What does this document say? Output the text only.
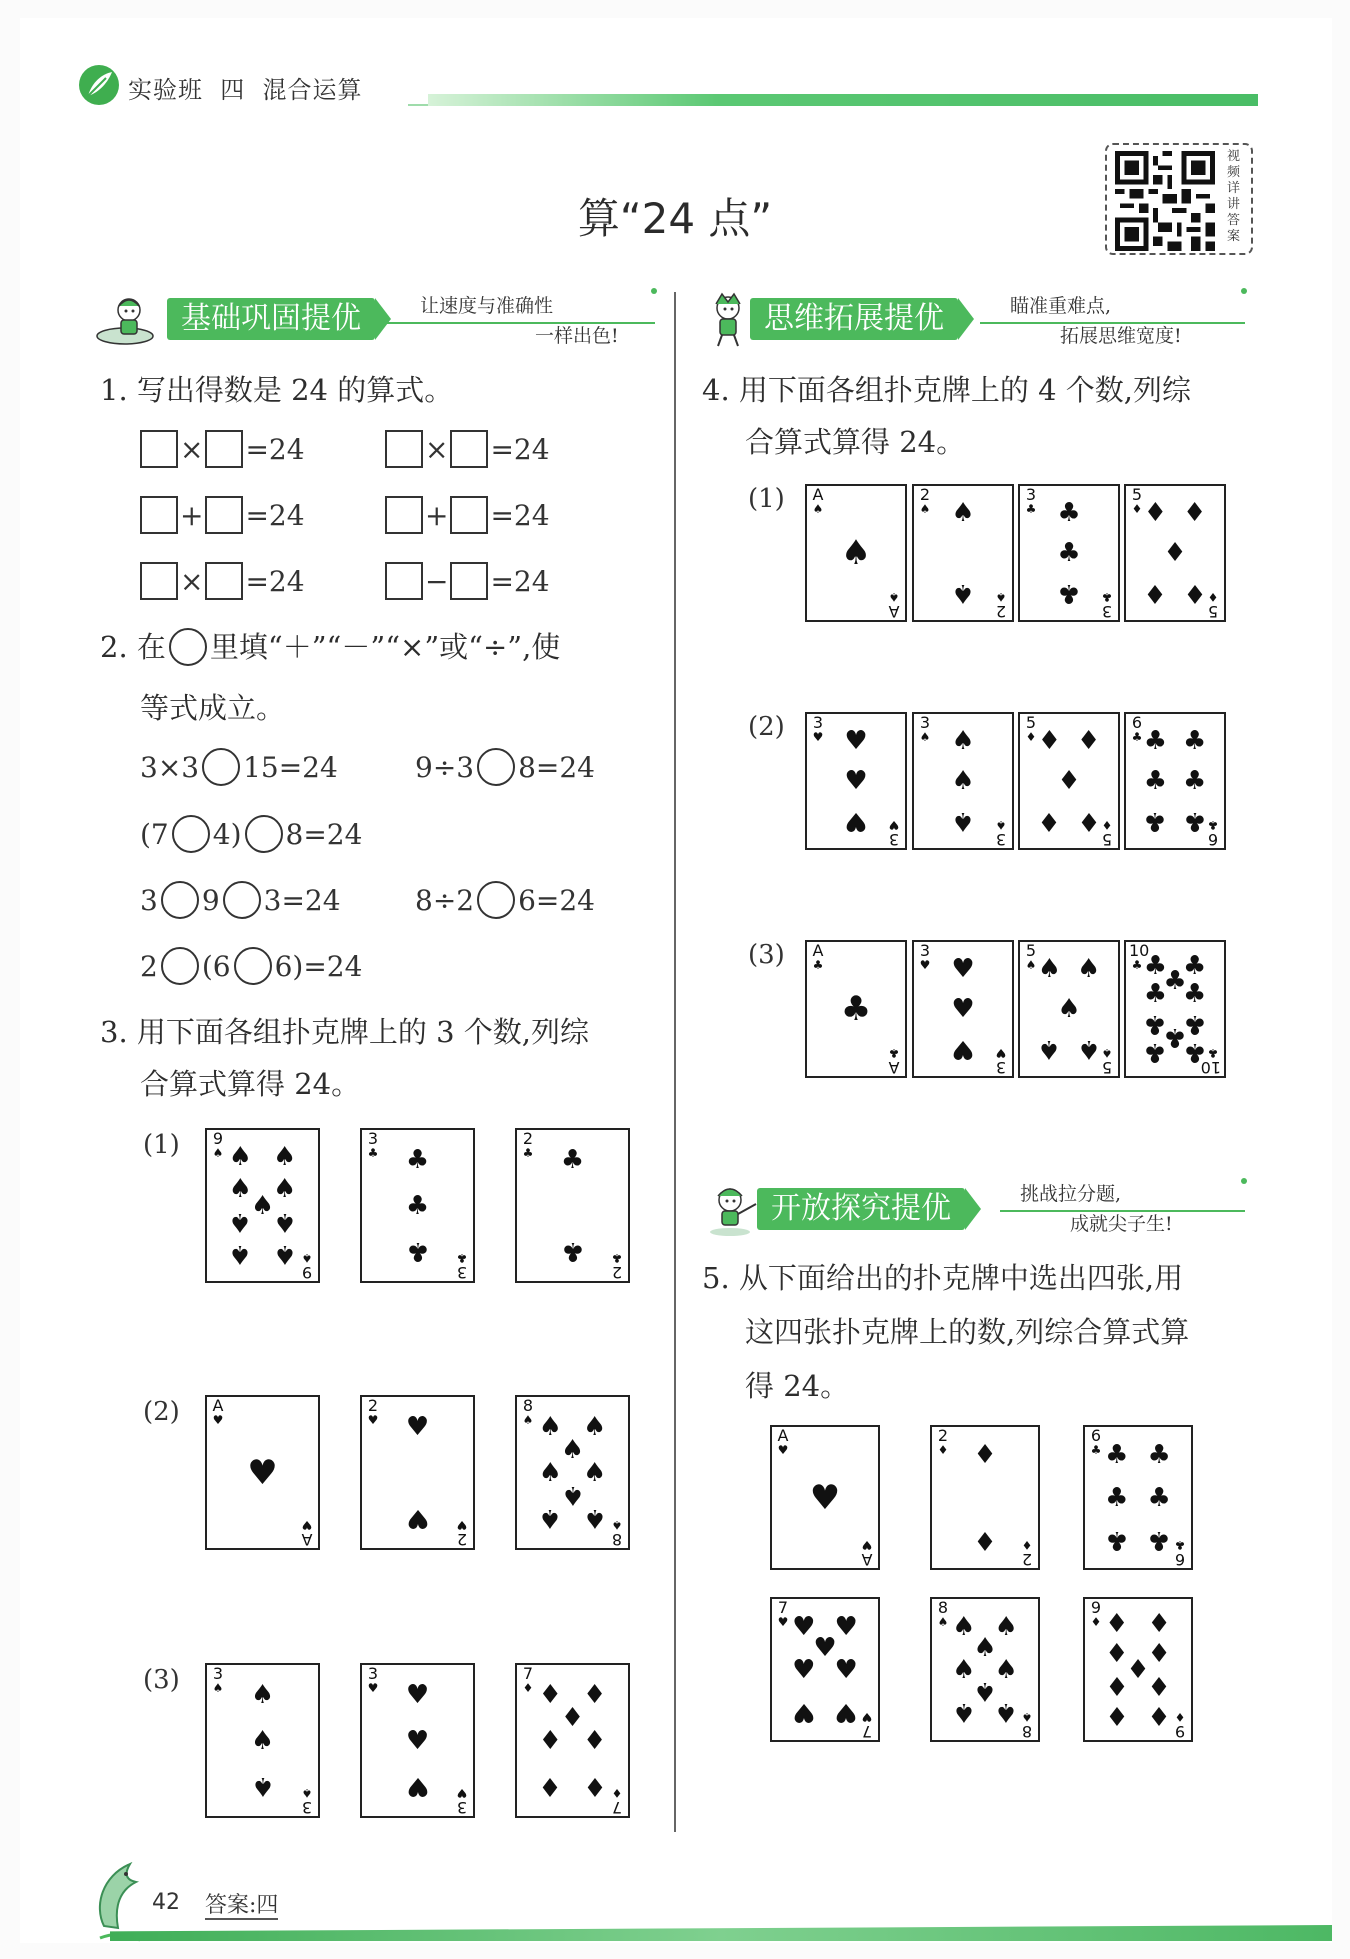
实验班  四  混合运算
算“24 点”
视频详讲答案
基础巩固提优	让速度与准确性
一样出色!	思维拓展提优	瞄准重难点,
拓展思维宽度!
1. 写出得数是 24 的算式。
× =24	× =24
+ =24	+ =24
× =24	− =24
2. 在 里填“＋”“－”“×”或“÷”,使
等式成立。
3×3 15=24	9÷3 8=24
(7 4) 8=24
3 9 3=24	8÷2 6=24
2 (6 6)=24
3. 用下面各组扑克牌上的 3 个数,列综
合算式算得 24。
(1)
(2)
(3)
9
♠
9
♠
♠ ♠
♠ ♠
♠
♠ ♠
♠ ♠
3
♣
3
♣
♣
♣
♣
2
♣
2
♣
♣
♣
A
♥
A
♥
♥
2
♥
2
♥
♥
♥
8
♠
8
♠
♠ ♠
♠
♠ ♠
♠
♠ ♠
3
♠
3
♠
♠
♠
♠
3
♥
3
♥
♥
♥
♥
7
♦
7
♦
♦ ♦
♦
♦ ♦
♦ ♦
4. 用下面各组扑克牌上的 4 个数,列综
合算式算得 24。
(1)
(2)
(3)
A
♠
A
♠
♠
2
♠
2
♠
♠
♠
3
♣
3
♣
♣
♣
♣
5
♦
5
♦
♦ ♦
♦
♦ ♦
3
♥
3
♥
♥
♥
♥
3
♠
3
♠
♠
♠
♠
5
♦
5
♦
♦ ♦
♦
♦ ♦
6
♣
6
♣
♣ ♣
♣ ♣
♣ ♣
A
♣
A
♣
♣
3
♥
3
♥
♥
♥
♥
5
♠
5
♠
♠ ♠
♠
♠ ♠
10
♣
10
♣
♣ ♣
♣
♣ ♣
♣ ♣
♣
♣ ♣
开放探究提优	挑战拉分题,
成就尖子生!
5. 从下面给出的扑克牌中选出四张,用
这四张扑克牌上的数,列综合算式算
得 24。
A
♥
A
♥
♥
2
♦
2
♦
♦
♦
6
♣
6
♣
♣ ♣
♣ ♣
♣ ♣
7
♥
7
♥
♥ ♥
♥
♥ ♥
♥ ♥
8
♠
8
♠
♠ ♠
♠
♠ ♠
♠
♠ ♠
9
♦
9
♦
♦ ♦
♦ ♦
♦
♦ ♦
♦ ♦
42 答案:四
